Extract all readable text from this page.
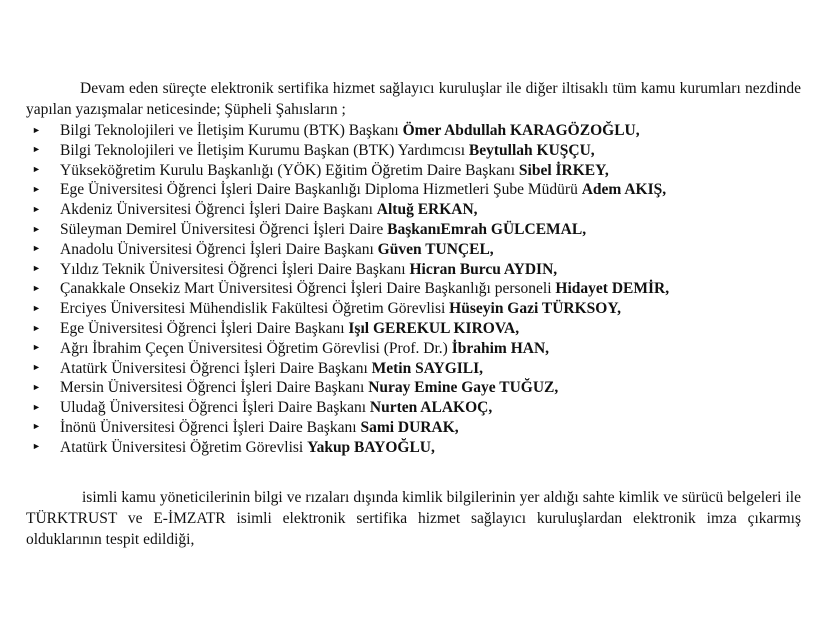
Devam eden süreçte elektronik sertifika hizmet sağlayıcı kuruluşlar ile diğer iltisaklı tüm kamu kurumları nezdinde yapılan yazışmalar neticesinde; Şüpheli Şahısların ;

► Bilgi Teknolojileri ve İletişim Kurumu (BTK) Başkanı Ömer Abdullah KARAGÖZOĞLU,
► Bilgi Teknolojileri ve İletişim Kurumu Başkan (BTK) Yardımcısı Beytullah KUŞÇU,
► Yükseköğretim Kurulu Başkanlığı (YÖK) Eğitim Öğretim Daire Başkanı Sibel İRKEY,
► Ege Üniversitesi Öğrenci İşleri Daire Başkanlığı Diploma Hizmetleri Şube Müdürü Adem AKIŞ,
► Akdeniz Üniversitesi Öğrenci İşleri Daire Başkanı Altuğ ERKAN,
► Süleyman Demirel Üniversitesi Öğrenci İşleri Daire BaşkanıEmrah GÜLCEMAL,
► Anadolu Üniversitesi Öğrenci İşleri Daire Başkanı Güven TUNÇEL,
► Yıldız Teknik Üniversitesi Öğrenci İşleri Daire Başkanı Hicran Burcu AYDIN,
► Çanakkale Onsekiz Mart Üniversitesi Öğrenci İşleri Daire Başkanlığı personeli Hidayet DEMİR,
► Erciyes Üniversitesi Mühendislik Fakültesi Öğretim Görevlisi Hüseyin Gazi TÜRKSOY,
► Ege Üniversitesi Öğrenci İşleri Daire Başkanı Işıl GEREKUL KIROVA,
► Ağrı İbrahim Çeçen Üniversitesi Öğretim Görevlisi (Prof. Dr.) İbrahim HAN,
► Atatürk Üniversitesi Öğrenci İşleri Daire Başkanı Metin SAYGILI,
► Mersin Üniversitesi Öğrenci İşleri Daire Başkanı Nuray Emine Gaye TUĞUZ,
► Uludağ Üniversitesi Öğrenci İşleri Daire Başkanı Nurten ALAKOÇ,
► İnönü Üniversitesi Öğrenci İşleri Daire Başkanı Sami DURAK,
► Atatürk Üniversitesi Öğretim Görevlisi Yakup BAYOĞLU,

isimli kamu yöneticilerinin bilgi ve rızaları dışında kimlik bilgilerinin yer aldığı sahte kimlik ve sürücü belgeleri ile TÜRKTRUST ve E-İMZATR isimli elektronik sertifika hizmet sağlayıcı kuruluşlardan elektronik imza çıkarmış olduklarının tespit edildiği,
